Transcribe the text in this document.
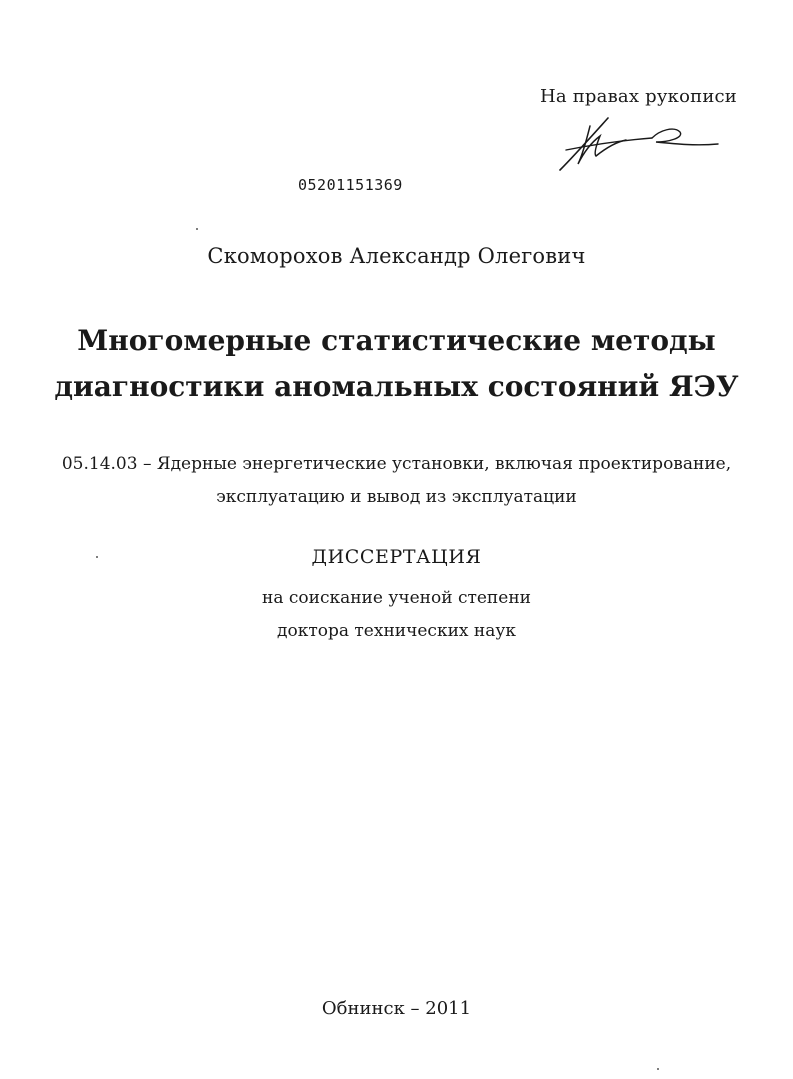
На правах рукописи
05201151369
Скоморохов Александр Олегович
Многомерные статистические методы
диагностики аномальных состояний ЯЭУ
05.14.03 – Ядерные энергетические установки, включая проектирование,
эксплуатацию и вывод из эксплуатации
ДИССЕРТАЦИЯ
на соискание ученой степени
доктора технических наук
Обнинск – 2011
